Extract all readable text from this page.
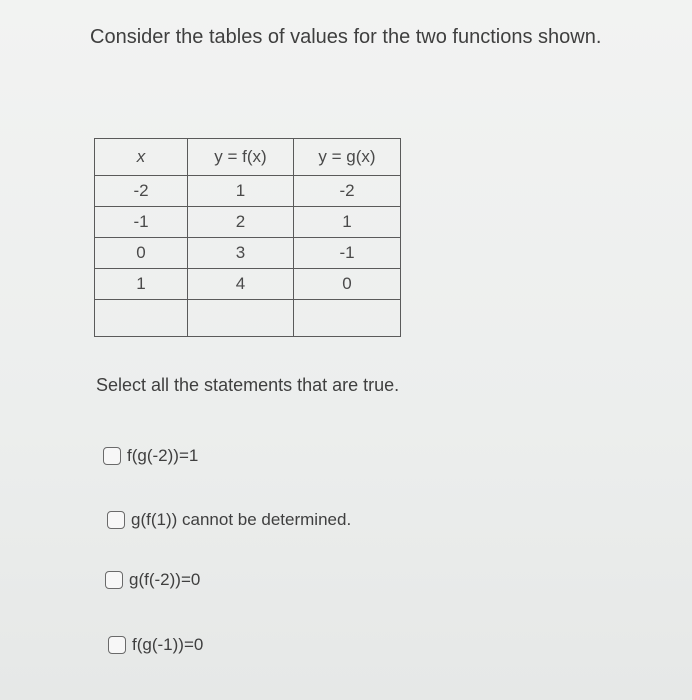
Consider the tables of values for the two functions shown.
x	y = f(x)	y = g(x)
-2	1	-2
-1	2	1
0	3	-1
1	4	0

Select all the statements that are true.
f(g(-2))=1
g(f(1)) cannot be determined.
g(f(-2))=0
f(g(-1))=0
